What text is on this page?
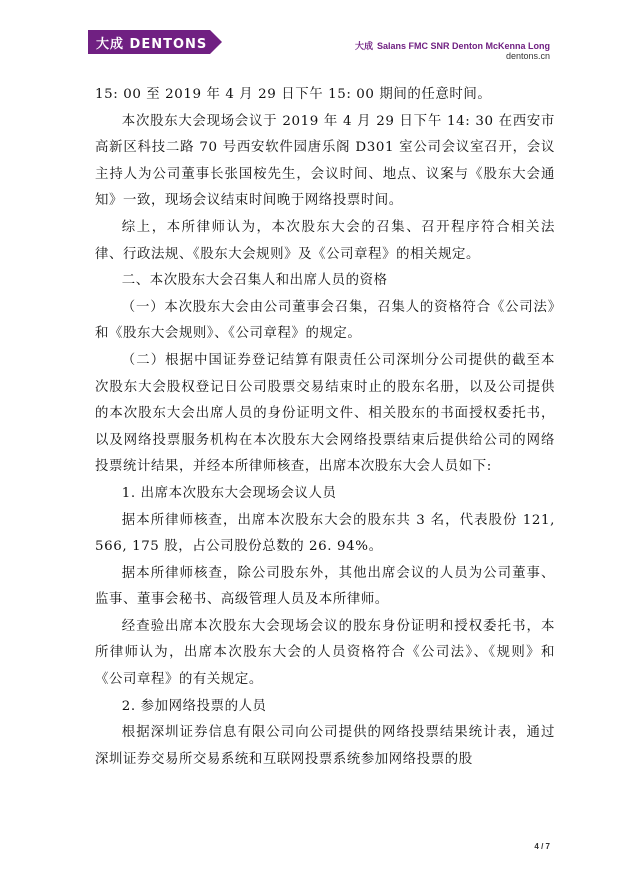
大成 DENTONS	大成 Salans FMC SNR Denton McKenna Long
dentons.cn

15: 00 至 2019 年 4 月 29 日下午 15: 00 期间的任意时间。

本次股东大会现场会议于 2019 年 4 月 29 日下午 14: 30 在西安市高新区科技二路 70 号西安软件园唐乐阁 D301 室公司会议室召开，会议主持人为公司董事长张国桉先生，会议时间、地点、议案与《股东大会通知》一致，现场会议结束时间晚于网络投票时间。

综上，本所律师认为，本次股东大会的召集、召开程序符合相关法律、行政法规、《股东大会规则》及《公司章程》的相关规定。

二、本次股东大会召集人和出席人员的资格

（一）本次股东大会由公司董事会召集，召集人的资格符合《公司法》和《股东大会规则》、《公司章程》的规定。

（二）根据中国证券登记结算有限责任公司深圳分公司提供的截至本次股东大会股权登记日公司股票交易结束时止的股东名册，以及公司提供的本次股东大会出席人员的身份证明文件、相关股东的书面授权委托书，以及网络投票服务机构在本次股东大会网络投票结束后提供给公司的网络投票统计结果，并经本所律师核查，出席本次股东大会人员如下:

1. 出席本次股东大会现场会议人员

据本所律师核查，出席本次股东大会的股东共 3 名，代表股份 121, 566, 175 股，占公司股份总数的 26. 94%。

据本所律师核查，除公司股东外，其他出席会议的人员为公司董事、监事、董事会秘书、高级管理人员及本所律师。

经查验出席本次股东大会现场会议的股东身份证明和授权委托书，本所律师认为，出席本次股东大会的人员资格符合《公司法》、《规则》和《公司章程》的有关规定。

2. 参加网络投票的人员

根据深圳证券信息有限公司向公司提供的网络投票结果统计表，通过深圳证券交易所交易系统和互联网投票系统参加网络投票的股

4 / 7
